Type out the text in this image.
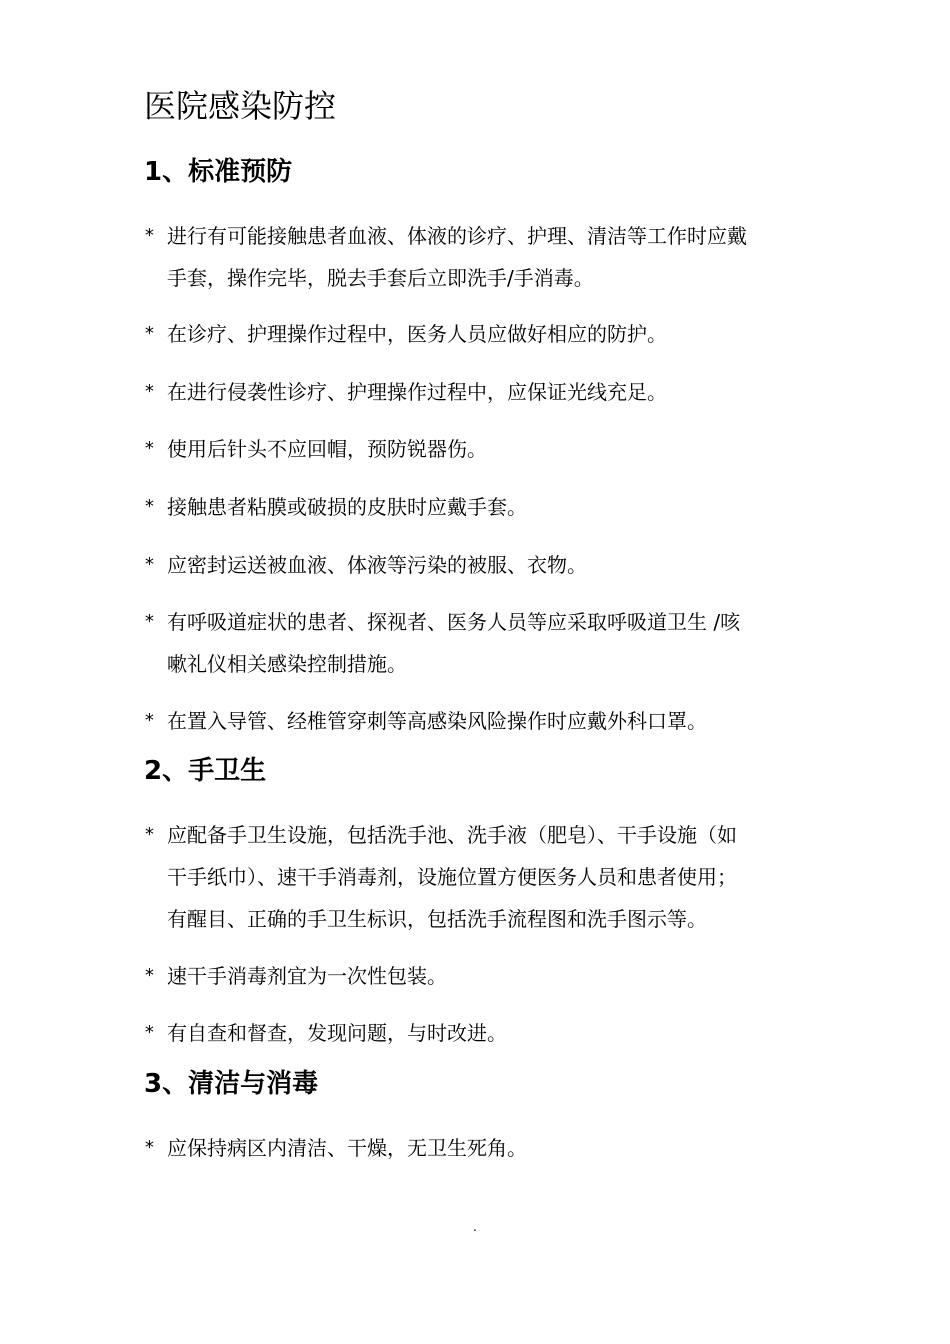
医院感染防控
1、标准预防
* 进行有可能接触患者血液、体液的诊疗、护理、清洁等工作时应戴
手套，操作完毕，脱去手套后立即洗手/手消毒。
* 在诊疗、护理操作过程中，医务人员应做好相应的防护。
* 在进行侵袭性诊疗、护理操作过程中，应保证光线充足。
* 使用后针头不应回帽，预防锐器伤。
* 接触患者粘膜或破损的皮肤时应戴手套。
* 应密封运送被血液、体液等污染的被服、衣物。
* 有呼吸道症状的患者、探视者、医务人员等应采取呼吸道卫生 /咳
嗽礼仪相关感染控制措施。
* 在置入导管、经椎管穿刺等高感染风险操作时应戴外科口罩。
2、手卫生
* 应配备手卫生设施，包括洗手池、洗手液（肥皂）、干手设施（如
干手纸巾）、速干手消毒剂，设施位置方便医务人员和患者使用；
有醒目、正确的手卫生标识，包括洗手流程图和洗手图示等。
* 速干手消毒剂宜为一次性包装。
* 有自查和督查，发现问题，与时改进。
3、清洁与消毒
* 应保持病区内清洁、干燥，无卫生死角。
.
